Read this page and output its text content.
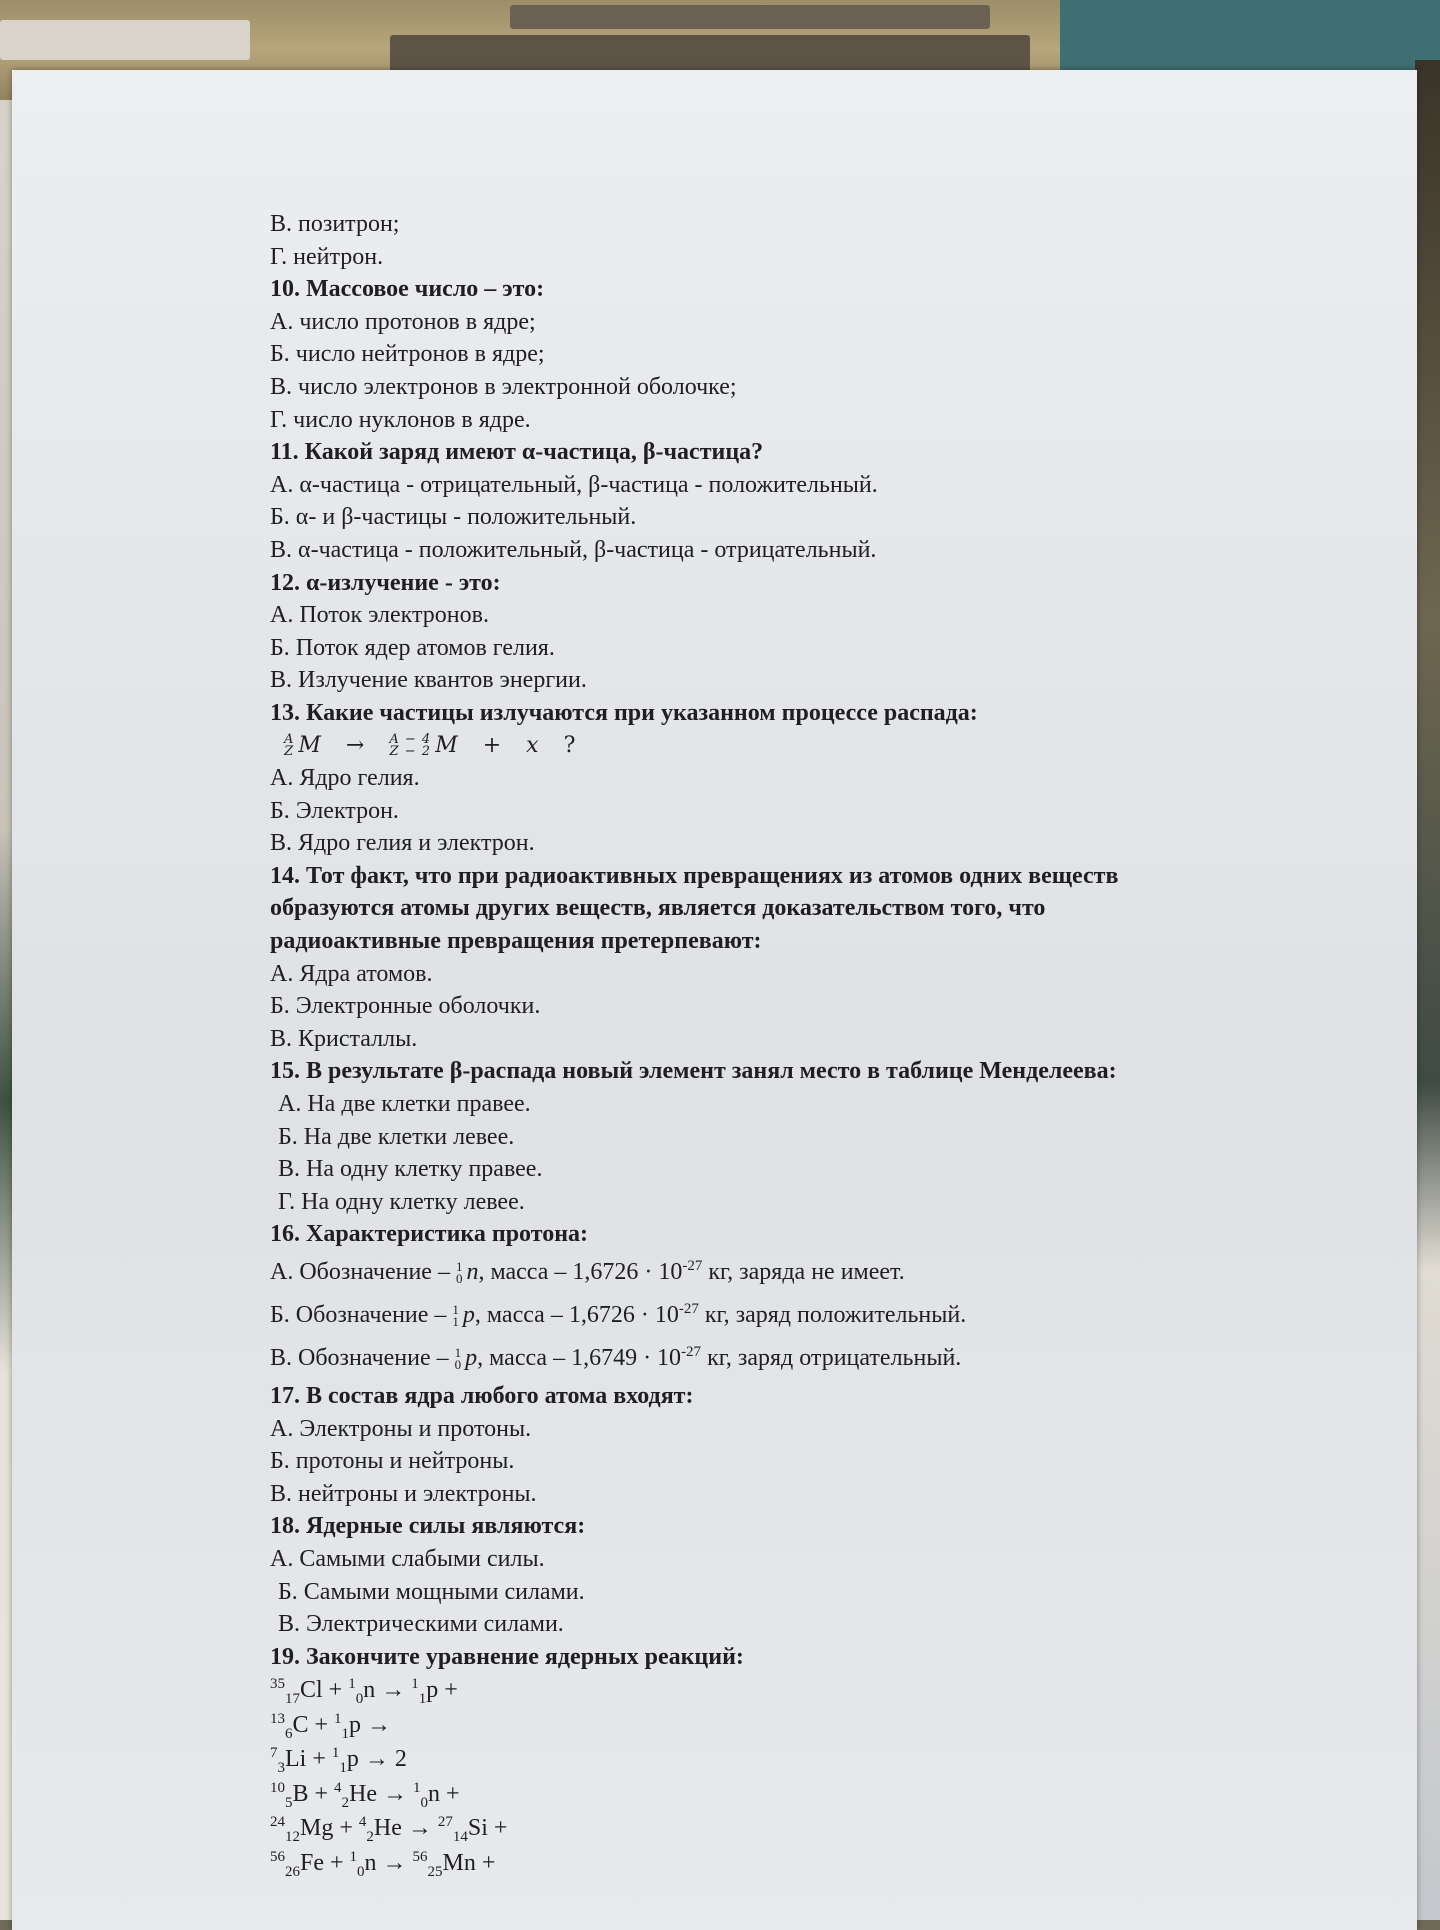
В. позитрон;
Г. нейтрон.
10. Массовое число – это:
А. число протонов в ядре;
Б. число нейтронов в ядре;
В. число электронов в электронной оболочке;
Г. число нуклонов в ядре.
11. Какой заряд имеют α-частица, β-частица?
А. α-частица - отрицательный, β-частица - положительный.
Б. α- и β-частицы - положительный.
В. α-частица - положительный, β-частица - отрицательный.
12. α-излучение - это:
А. Поток электронов.
Б. Поток ядер атомов гелия.
В. Излучение квантов энергии.
13. Какие частицы излучаются при указанном процессе распада:
A
Z M → A − 4
Z − 2 M + x ?
А. Ядро гелия.
Б. Электрон.
В. Ядро гелия и электрон.
14. Тот факт, что при радиоактивных превращениях из атомов одних веществ
образуются атомы других веществ, является доказательством того, что
радиоактивные превращения претерпевают:
А. Ядра атомов.
Б. Электронные оболочки.
В. Кристаллы.
15. В результате β-распада новый элемент занял место в таблице Менделеева:
А. На две клетки правее.
Б. На две клетки левее.
В. На одну клетку правее.
Г. На одну клетку левее.
16. Характеристика протона:
А. Обозначение – 1
0 n, масса – $1,6726 \cdot 10^{-27}$ кг, заряда не имеет.
Б. Обозначение – 1
1 p, масса – $1,6726 \cdot 10^{-27}$ кг, заряд положительный.
В. Обозначение – 1
0 p, масса – $1,6749 \cdot 10^{-27}$ кг, заряд отрицательный.
17. В состав ядра любого атома входят:
А. Электроны и протоны.
Б. протоны и нейтроны.
В. нейтроны и электроны.
18. Ядерные силы являются:
А. Самыми слабыми силы.
Б. Самыми мощными силами.
В. Электрическими силами.
19. Закончите уравнение ядерных реакций:
$^{35}_{17}$Cl + $^1_0$n → $^1_1$p +
$^{13}_6$C + $^1_1$p →
$^7_3$Li + $^1_1$p → 2
$^{10}_5$B + $^4_2$He → $^1_0$n +
$^{24}_{12}$Mg + $^4_2$He → $^{27}_{14}$Si +
$^{56}_{26}$Fe + $^1_0$n → $^{56}_{25}$Mn +
